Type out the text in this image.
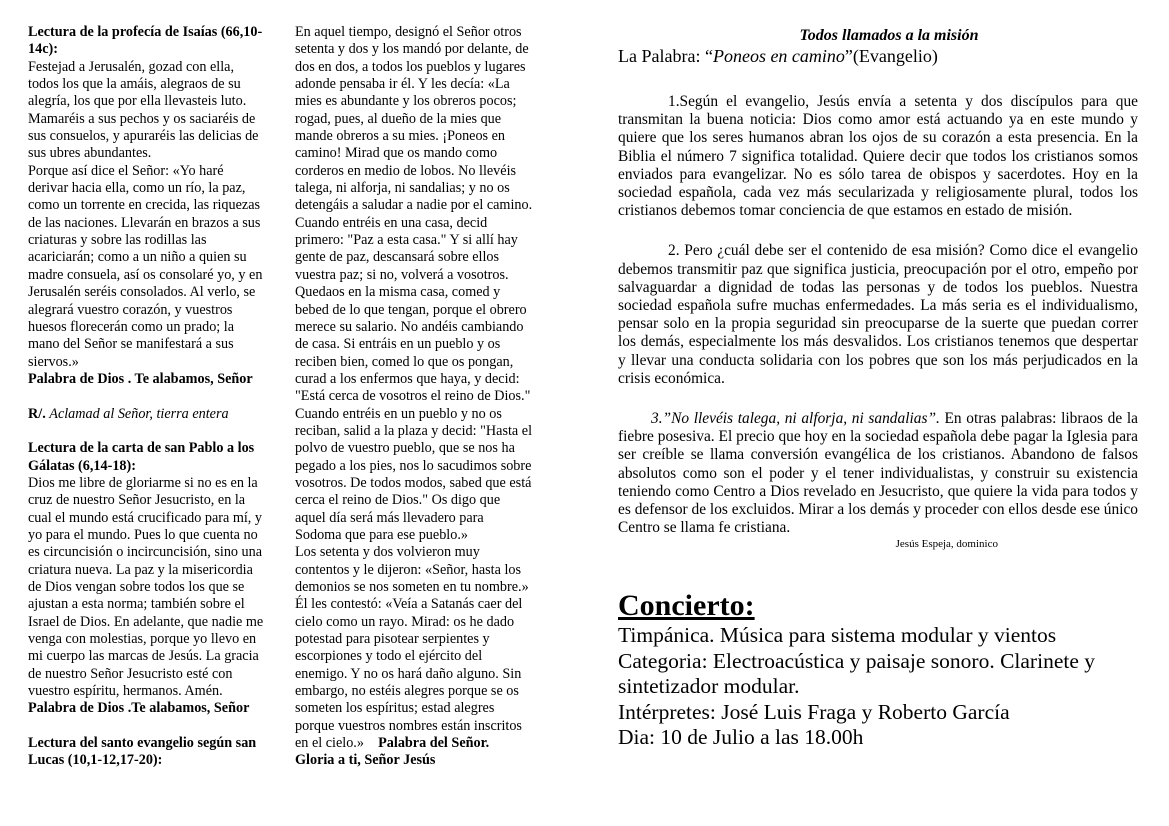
Lectura de la profecía de Isaías (66,10-14c):

Festejad a Jerusalén, gozad con ella,

todos los que la amáis, alegraos de su

alegría, los que por ella llevasteis luto.

Mamaréis a sus pechos y os saciaréis de

sus consuelos, y apuraréis las delicias de

sus ubres abundantes.

Porque así dice el Señor: «Yo haré

derivar hacia ella, como un río, la paz,

como un torrente en crecida, las riquezas

de las naciones. Llevarán en brazos a sus

criaturas y sobre las rodillas las

acariciarán; como a un niño a quien su

madre consuela, así os consolaré yo, y en

Jerusalén seréis consolados. Al verlo, se

alegrará vuestro corazón, y vuestros

huesos florecerán como un prado; la

mano del Señor se manifestará a sus

siervos.»

Palabra de Dios . Te alabamos, Señor

R/. Aclamad al Señor, tierra entera

Lectura de la carta de san Pablo a los Gálatas (6,14-18):

Dios me libre de gloriarme si no es en la

cruz de nuestro Señor Jesucristo, en la

cual el mundo está crucificado para mí, y

yo para el mundo. Pues lo que cuenta no

es circuncisión o incircuncisión, sino una

criatura nueva. La paz y la misericordia

de Dios vengan sobre todos los que se

ajustan a esta norma; también sobre el

Israel de Dios. En adelante, que nadie me

venga con molestias, porque yo llevo en

mi cuerpo las marcas de Jesús. La gracia

de nuestro Señor Jesucristo esté con

vuestro espíritu, hermanos. Amén.

Palabra de Dios .Te alabamos, Señor

Lectura del santo evangelio según san Lucas (10,1-12,17-20):

En aquel tiempo, designó el Señor otros

setenta y dos y los mandó por delante, de

dos en dos, a todos los pueblos y lugares

adonde pensaba ir él. Y les decía: «La

mies es abundante y los obreros pocos;

rogad, pues, al dueño de la mies que

mande obreros a su mies. ¡Poneos en

camino! Mirad que os mando como

corderos en medio de lobos. No llevéis

talega, ni alforja, ni sandalias; y no os

detengáis a saludar a nadie por el camino.

Cuando entréis en una casa, decid

primero: "Paz a esta casa." Y si allí hay

gente de paz, descansará sobre ellos

vuestra paz; si no, volverá a vosotros.

Quedaos en la misma casa, comed y

bebed de lo que tengan, porque el obrero

merece su salario. No andéis cambiando

de casa. Si entráis en un pueblo y os

reciben bien, comed lo que os pongan,

curad a los enfermos que haya, y decid:

"Está cerca de vosotros el reino de Dios."

Cuando entréis en un pueblo y no os

reciban, salid a la plaza y decid: "Hasta el

polvo de vuestro pueblo, que se nos ha

pegado a los pies, nos lo sacudimos sobre

vosotros. De todos modos, sabed que está

cerca el reino de Dios." Os digo que

aquel día será más llevadero para

Sodoma que para ese pueblo.»

Los setenta y dos volvieron muy

contentos y le dijeron: «Señor, hasta los

demonios se nos someten en tu nombre.»

Él les contestó: «Veía a Satanás caer del

cielo como un rayo. Mirad: os he dado

potestad para pisotear serpientes y

escorpiones y todo el ejército del

enemigo. Y no os hará daño alguno. Sin

embargo, no estéis alegres porque se os

someten los espíritus; estad alegres

porque vuestros nombres están inscritos

en el cielo.» Palabra del Señor.

Gloria a ti, Señor Jesús

Todos llamados a la misión
La Palabra: “Poneos en camino”(Evangelio)

1.Según el evangelio, Jesús envía a setenta y dos discípulos para que transmitan la buena noticia: Dios como amor está actuando ya en este mundo y quiere que los seres humanos abran los ojos de su corazón a esta presencia. En la Biblia el número 7 significa totalidad. Quiere decir que todos los cristianos somos enviados para evangelizar. No es sólo tarea de obispos y sacerdotes. Hoy en la sociedad española, cada vez más secularizada y religiosamente plural, todos los cristianos debemos tomar conciencia de que estamos en estado de misión.

2. Pero ¿cuál debe ser el contenido de esa misión? Como dice el evangelio debemos transmitir paz que significa justicia, preocupación por el otro, empeño por salvaguardar a dignidad de todas las personas y de todos los pueblos. Nuestra sociedad española sufre muchas enfermedades. La más seria es el individualismo, pensar solo en la propia seguridad sin preocuparse de la suerte que puedan correr los demás, especialmente los más desvalidos. Los cristianos tenemos que despertar y llevar una conducta solidaria con los pobres que son los más perjudicados en la crisis económica.

3.”No llevéis talega, ni alforja, ni sandalias”. En otras palabras: libraos de la fiebre posesiva. El precio que hoy en la sociedad española debe pagar la Iglesia para ser creíble se llama conversión evangélica de los cristianos. Abandono de falsos absolutos como son el poder y el tener individualistas, y construir su existencia teniendo como Centro a Dios revelado en Jesucristo, que quiere la vida para todos y es defensor de los excluidos. Mirar a los demás y proceder con ellos desde ese único Centro se llama fe cristiana.

Jesús Espeja, dominico
Concierto:
Timpánica. Música para sistema modular y vientos
Categoria: Electroacústica y paisaje sonoro. Clarinete y
sintetizador modular.
Intérpretes: José Luis Fraga y Roberto García
Dia: 10 de Julio a las 18.00h
